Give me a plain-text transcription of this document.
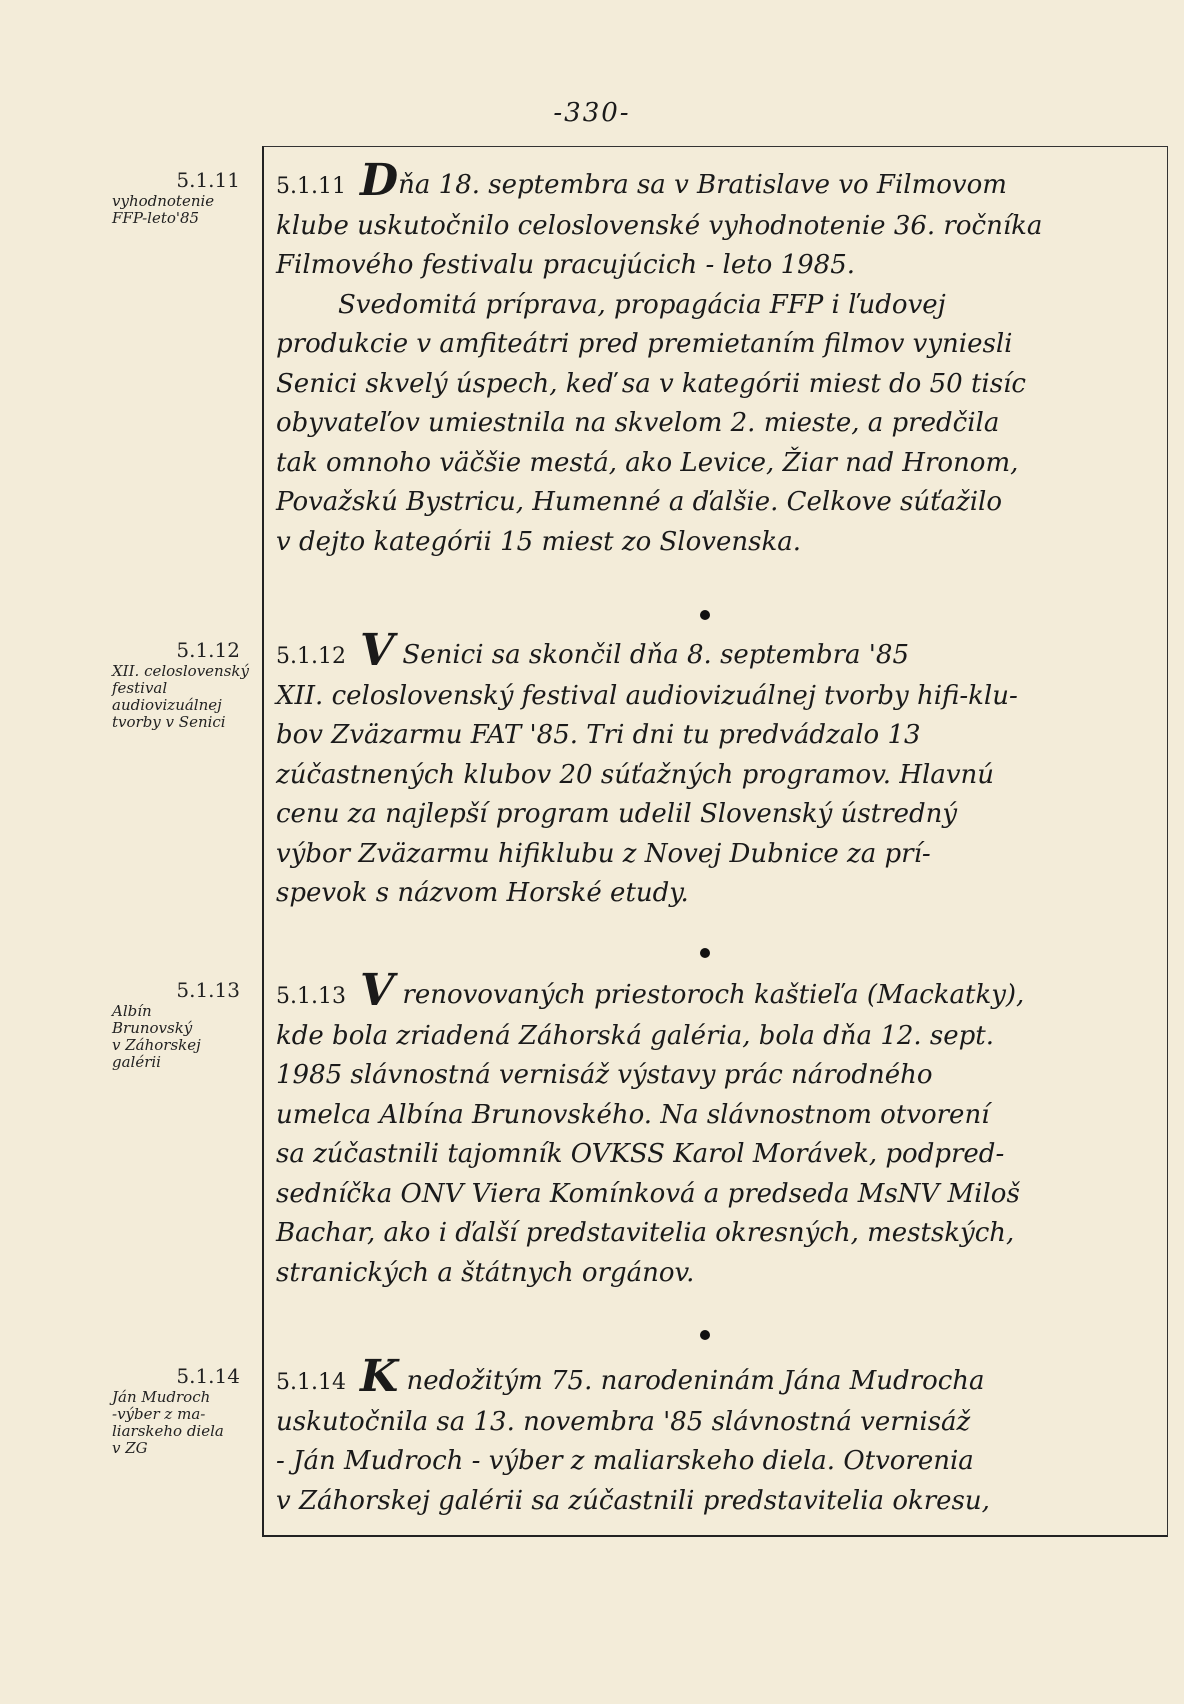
-330-
5.1.11
vyhodnotenie
FFP-leto'85
5.1.12
XII. celoslovenský
festival
audiovizuálnej
tvorby v Senici
5.1.13
Albín
Brunovský
v Záhorskej
galérii
5.1.14
Ján Mudroch
-výber z ma-
liarskeho diela
v ZG
5.1.11 Dňa 18. septembra sa v Bratislave vo Filmovom
klube uskutočnilo celoslovenské vyhodnotenie 36. ročníka
Filmového festivalu pracujúcich - leto 1985.
Svedomitá príprava, propagácia FFP i ľudovej
produkcie v amfiteátri pred premietaním filmov vyniesli
Senici skvelý úspech, keď sa v kategórii miest do 50 tisíc
obyvateľov umiestnila na skvelom 2. mieste, a predčila
tak omnoho väčšie mestá, ako Levice, Žiar nad Hronom,
Považskú Bystricu, Humenné a ďalšie. Celkove súťažilo
v dejto kategórii 15 miest zo Slovenska.
5.1.12 V Senici sa skončil dňa 8. septembra '85
XII. celoslovenský festival audiovizuálnej tvorby hifi-klu-
bov Zväzarmu FAT '85. Tri dni tu predvádzalo 13
zúčastnených klubov 20 súťažných programov. Hlavnú
cenu za najlepší program udelil Slovenský ústredný
výbor Zväzarmu hifiklubu z Novej Dubnice za prí-
spevok s názvom Horské etudy.
5.1.13 V renovovaných priestoroch kaštieľa (Mackatky),
kde bola zriadená Záhorská galéria, bola dňa 12. sept.
1985 slávnostná vernisáž výstavy prác národného
umelca Albína Brunovského. Na slávnostnom otvorení
sa zúčastnili tajomník OVKSS Karol Morávek, podpred-
sedníčka ONV Viera Komínková a predseda MsNV Miloš
Bachar, ako i ďalší predstavitelia okresných, mestských,
stranických a štátnych orgánov.
5.1.14 K nedožitým 75. narodeninám Jána Mudrocha
uskutočnila sa 13. novembra '85 slávnostná vernisáž
- Ján Mudroch - výber z maliarskeho diela. Otvorenia
v Záhorskej galérii sa zúčastnili predstavitelia okresu,
